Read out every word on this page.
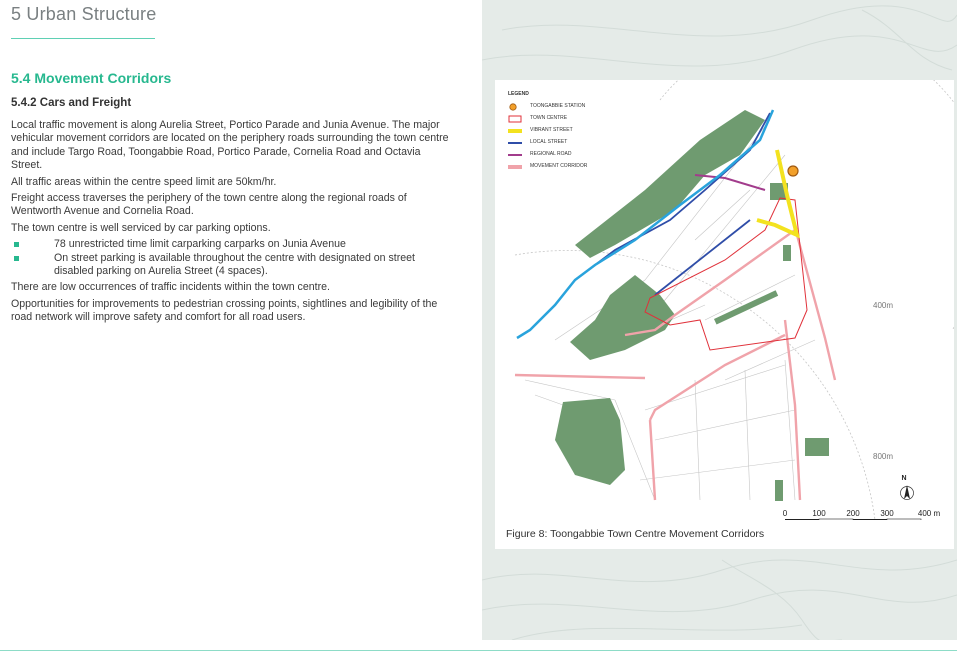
5 Urban Structure
5.4 Movement Corridors
5.4.2 Cars and Freight

Local traffic movement is along Aurelia Street, Portico Parade and Junia Avenue. The major vehicular movement corridors are located on the periphery roads surrounding the town centre and include Targo Road, Toongabbie Road, Portico Parade, Cornelia Road and Octavia Street.

All traffic areas within the centre speed limit are 50km/hr.

Freight access traverses the periphery of the town centre along the regional roads of Wentworth Avenue and Cornelia Road.

The town centre is well serviced by car parking options.

78 unrestricted time limit carparking carparks on Junia Avenue
On street parking is available throughout the centre with designated on street disabled parking on Aurelia Street (4 spaces).

There are low occurrences of traffic incidents within the town centre.

Opportunities for improvements to pedestrian crossing points, sightlines and legibility of the road network will improve safety and comfort for all road users.

400m
800m
N
0	100	200	300	400 m
LEGEND
TOONGABBIE STATION
TOWN CENTRE
VIBRANT STREET
LOCAL STREET
REGIONAL ROAD
MOVEMENT CORRIDOR
Figure 8: Toongabbie Town Centre Movement Corridors
